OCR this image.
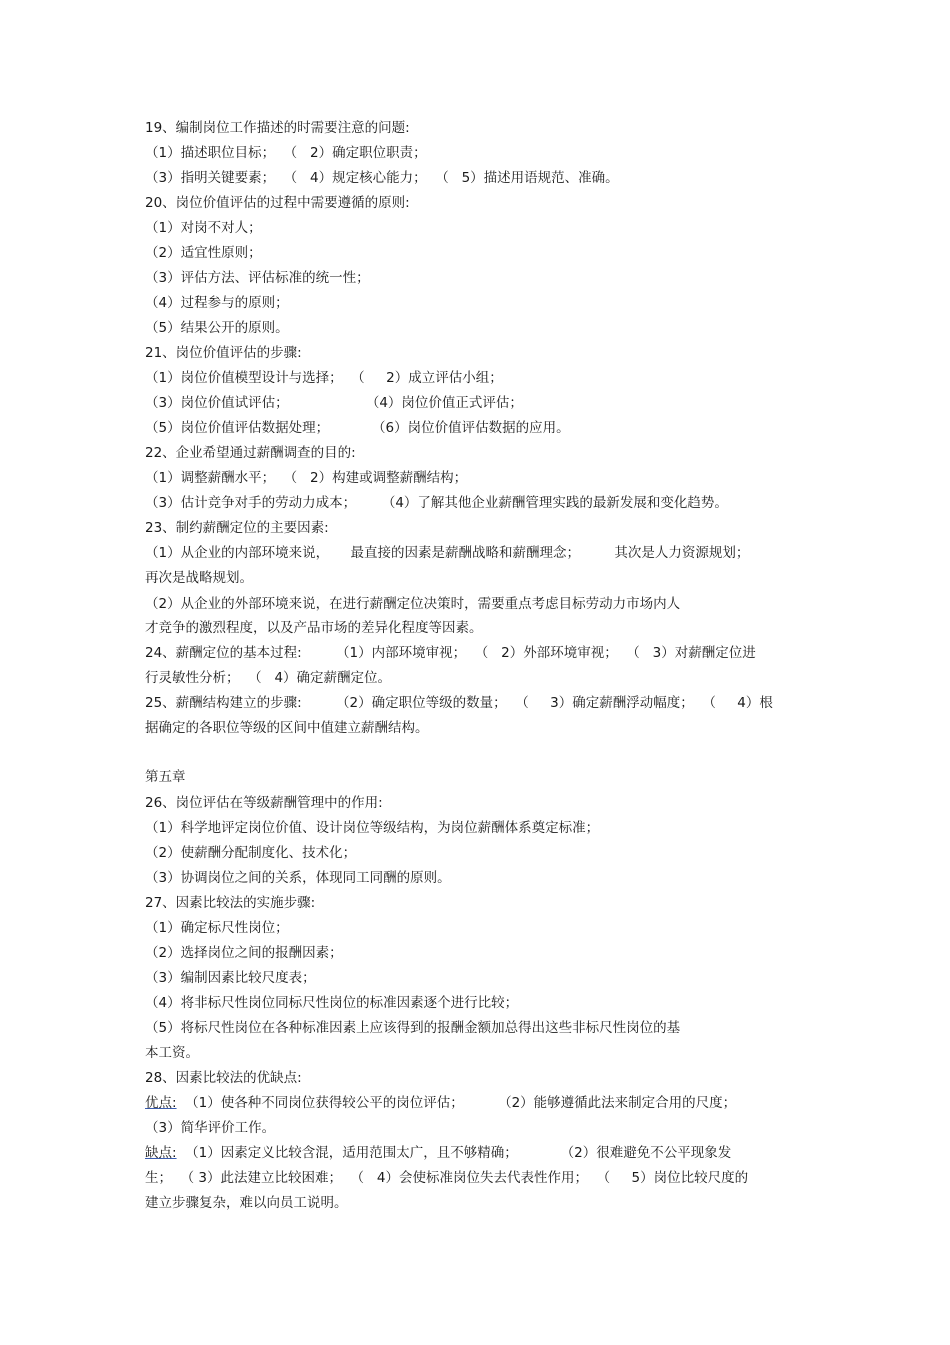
19、编制岗位工作描述的时需要注意的问题:
（1）描述职位目标；  （   2）确定职位职责；
（3）指明关键要素；  （   4）规定核心能力；  （   5）描述用语规范、准确。
20、岗位价值评估的过程中需要遵循的原则:
（1）对岗不对人；
（2）适宜性原则；
（3）评估方法、评估标准的统一性；
（4）过程参与的原则；
（5）结果公开的原则。
21、岗位价值评估的步骤:
（1）岗位价值模型设计与选择；  （     2）成立评估小组；
（3）岗位价值试评估；                  （4）岗位价值正式评估；
（5）岗位价值评估数据处理；          （6）岗位价值评估数据的应用。
22、企业希望通过薪酬调查的目的:
（1）调整薪酬水平；  （   2）构建或调整薪酬结构；
（3）估计竞争对手的劳动力成本；      （4）了解其他企业薪酬管理实践的最新发展和变化趋势。
23、制约薪酬定位的主要因素:
（1）从企业的内部环境来说，     最直接的因素是薪酬战略和薪酬理念；        其次是人力资源规划；
再次是战略规划。
（2）从企业的外部环境来说，在进行薪酬定位决策时，需要重点考虑目标劳动力市场内人
才竞争的激烈程度，以及产品市场的差异化程度等因素。
24、薪酬定位的基本过程:        （1）内部环境审视；  （   2）外部环境审视；  （   3）对薪酬定位进
行灵敏性分析；  （   4）确定薪酬定位。
25、薪酬结构建立的步骤:        （2）确定职位等级的数量；  （     3）确定薪酬浮动幅度；  （     4）根
据确定的各职位等级的区间中值建立薪酬结构。
第五章
26、岗位评估在等级薪酬管理中的作用:
（1）科学地评定岗位价值、设计岗位等级结构，为岗位薪酬体系奠定标准；
（2）使薪酬分配制度化、技术化；
（3）协调岗位之间的关系，体现同工同酬的原则。
27、因素比较法的实施步骤:
（1）确定标尺性岗位；
（2）选择岗位之间的报酬因素；
（3）编制因素比较尺度表；
（4）将非标尺性岗位同标尺性岗位的标准因素逐个进行比较；
（5）将标尺性岗位在各种标准因素上应该得到的报酬金额加总得出这些非标尺性岗位的基
本工资。
28、因素比较法的优缺点:
优点: （1）使各种不同岗位获得较公平的岗位评估；        （2）能够遵循此法来制定合用的尺度；
（3）简华评价工作。
缺点: （1）因素定义比较含混，适用范围太广，且不够精确；          （2）很难避免不公平现象发
生；  （ 3）此法建立比较困难；  （   4）会使标准岗位失去代表性作用；  （     5）岗位比较尺度的
建立步骤复杂，难以向员工说明。
